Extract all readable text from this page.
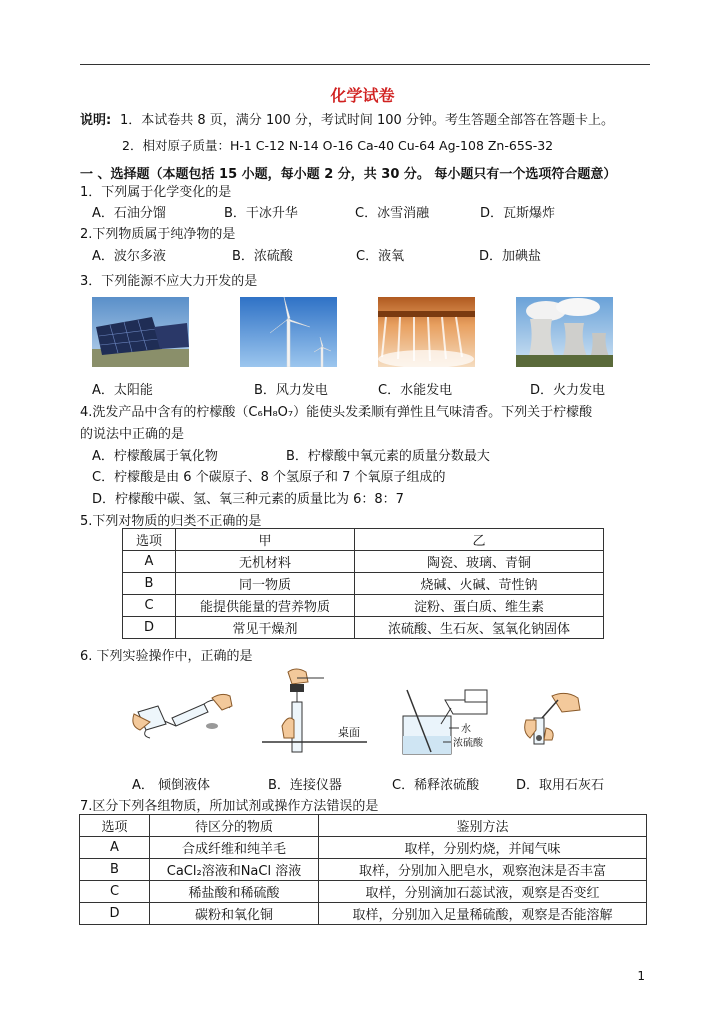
化学试卷
说明: 1．本试卷共 8 页，满分 100 分，考试时间 100 分钟。考生答题全部答在答题卡上。
2．相对原子质量：H-1 C-12 N-14 O-16 Ca-40 Cu-64 Ag-108 Zn-65S-32
一 、选择题（本题包括 15 小题，每小题 2 分，共 30 分。 每小题只有一个选项符合题意）
1．下列属于化学变化的是
A．石油分馏	B．干冰升华	C．冰雪消融	D．瓦斯爆炸
2.下列物质属于纯净物的是
A．波尔多液	B．浓硫酸	C．液氧	D．加碘盐
3．下列能源不应大力开发的是
A．太阳能	B．风力发电	C．水能发电	D．火力发电
4.洗发产品中含有的柠檬酸（C₆H₈O₇）能使头发柔顺有弹性且气味清香。下列关于柠檬酸
的说法中正确的是
A．柠檬酸属于氧化物	B．柠檬酸中氧元素的质量分数最大
C．柠檬酸是由 6 个碳原子、8 个氢原子和 7 个氧原子组成的
D．柠檬酸中碳、氢、氧三种元素的质量比为 6：8：7
5.下列对物质的归类不正确的是
选项	甲	乙
A	无机材料	陶瓷、玻璃、青铜
B	同一物质	烧碱、火碱、苛性钠
C	能提供能量的营养物质	淀粉、蛋白质、维生素
D	常见干燥剂	浓硫酸、生石灰、氢氧化钠固体
6. 下列实验操作中，正确的是
桌面	水
浓硫酸
A． 倾倒液体	B．连接仪器	C．稀释浓硫酸	D．取用石灰石
7.区分下列各组物质，所加试剂或操作方法错误的是
选项	待区分的物质	鉴别方法
A	合成纤维和纯羊毛	取样，分别灼烧，并闻气味
B	CaCl₂溶液和NaCl 溶液	取样，分别加入肥皂水，观察泡沫是否丰富
C	稀盐酸和稀硫酸	取样，分别滴加石蕊试液，观察是否变红
D	碳粉和氧化铜	取样，分别加入足量稀硫酸，观察是否能溶解
1
